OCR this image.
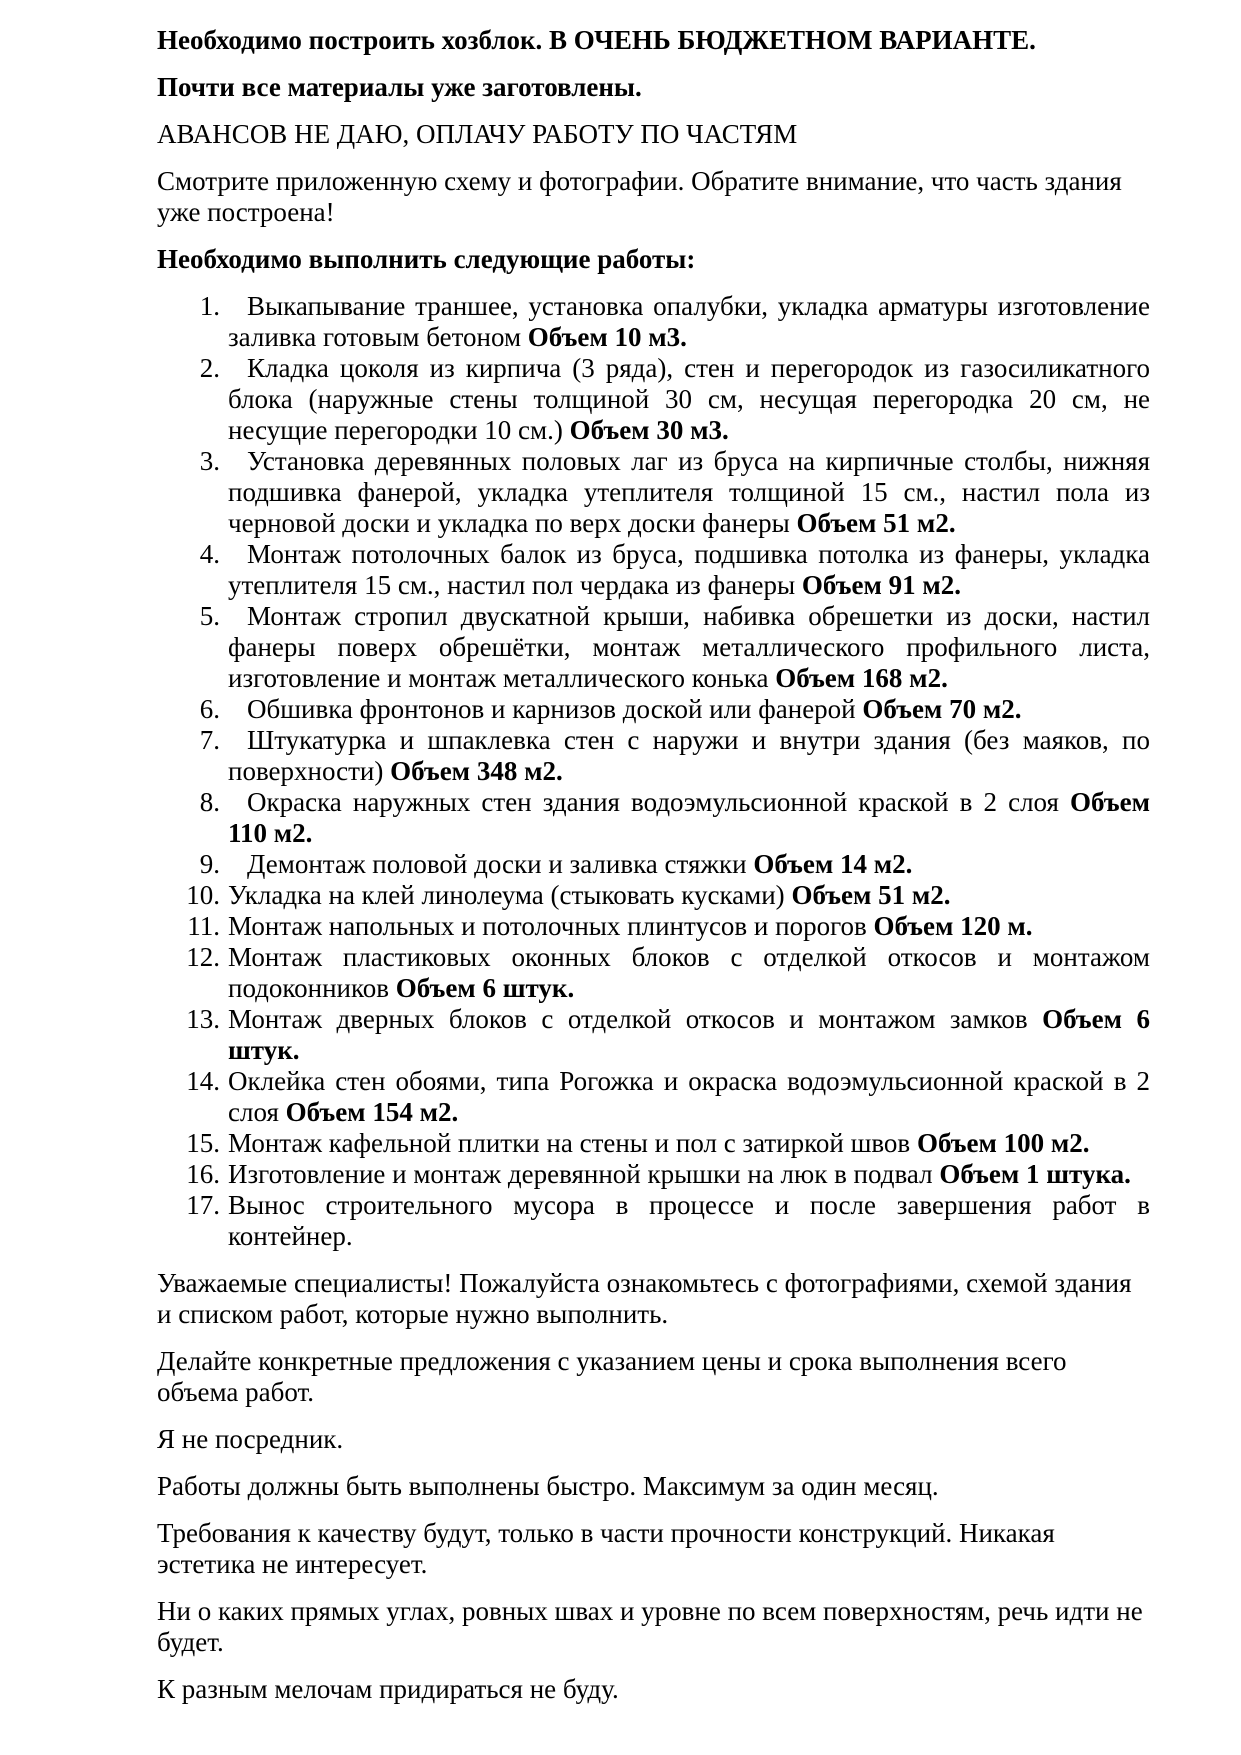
Необходимо построить хозблок. В ОЧЕНЬ БЮДЖЕТНОМ ВАРИАНТЕ.

Почти все материалы уже заготовлены.

АВАНСОВ НЕ ДАЮ, ОПЛАЧУ РАБОТУ ПО ЧАСТЯМ

Смотрите приложенную схему и фотографии. Обратите внимание, что часть здания уже построена!

Необходимо выполнить следующие работы:

1.	Выкапывание траншее, установка опалубки, укладка арматуры изготовление заливка готовым бетоном Объем 10 м3.
2.	Кладка цоколя из кирпича (3 ряда), стен и перегородок из газосиликатного блока (наружные стены толщиной 30 см, несущая перегородка 20 см, не несущие перегородки 10 см.) Объем 30 м3.
3.	Установка деревянных половых лаг из бруса на кирпичные столбы, нижняя подшивка фанерой, укладка утеплителя толщиной 15 см., настил пола из черновой доски и укладка по верх доски фанеры Объем 51 м2.
4.	Монтаж потолочных балок из бруса, подшивка потолка из фанеры, укладка утеплителя 15 см., настил пол чердака из фанеры Объем 91 м2.
5.	Монтаж стропил двускатной крыши, набивка обрешетки из доски, настил фанеры поверх обрешётки, монтаж металлического профильного листа, изготовление и монтаж металлического конька Объем 168 м2.
6.	Обшивка фронтонов и карнизов доской или фанерой Объем 70 м2.
7.	Штукатурка и шпаклевка стен с наружи и внутри здания (без маяков, по поверхности) Объем 348 м2.
8.	Окраска наружных стен здания водоэмульсионной краской в 2 слоя Объем 110 м2.
9.	Демонтаж половой доски и заливка стяжки Объем 14 м2.
10. Укладка на клей линолеума (стыковать кусками) Объем 51 м2.
11. Монтаж напольных и потолочных плинтусов и порогов Объем 120 м.
12. Монтаж пластиковых оконных блоков с отделкой откосов и монтажом подоконников Объем 6 штук.
13. Монтаж дверных блоков с отделкой откосов и монтажом замков Объем 6 штук.
14. Оклейка стен обоями, типа Рогожка и окраска водоэмульсионной краской в 2 слоя Объем 154 м2.
15. Монтаж кафельной плитки на стены и пол с затиркой швов Объем 100 м2.
16. Изготовление и монтаж деревянной крышки на люк в подвал Объем 1 штука.
17. Вынос строительного мусора в процессе и после завершения работ в контейнер.

Уважаемые специалисты! Пожалуйста ознакомьтесь с фотографиями, схемой здания и списком работ, которые нужно выполнить.

Делайте конкретные предложения с указанием цены и срока выполнения всего объема работ.

Я не посредник.

Работы должны быть выполнены быстро. Максимум за один месяц.

Требования к качеству будут, только в части прочности конструкций. Никакая эстетика не интересует.

Ни о каких прямых углах, ровных швах и уровне по всем поверхностям, речь идти не будет.

К разным мелочам придираться не буду.
